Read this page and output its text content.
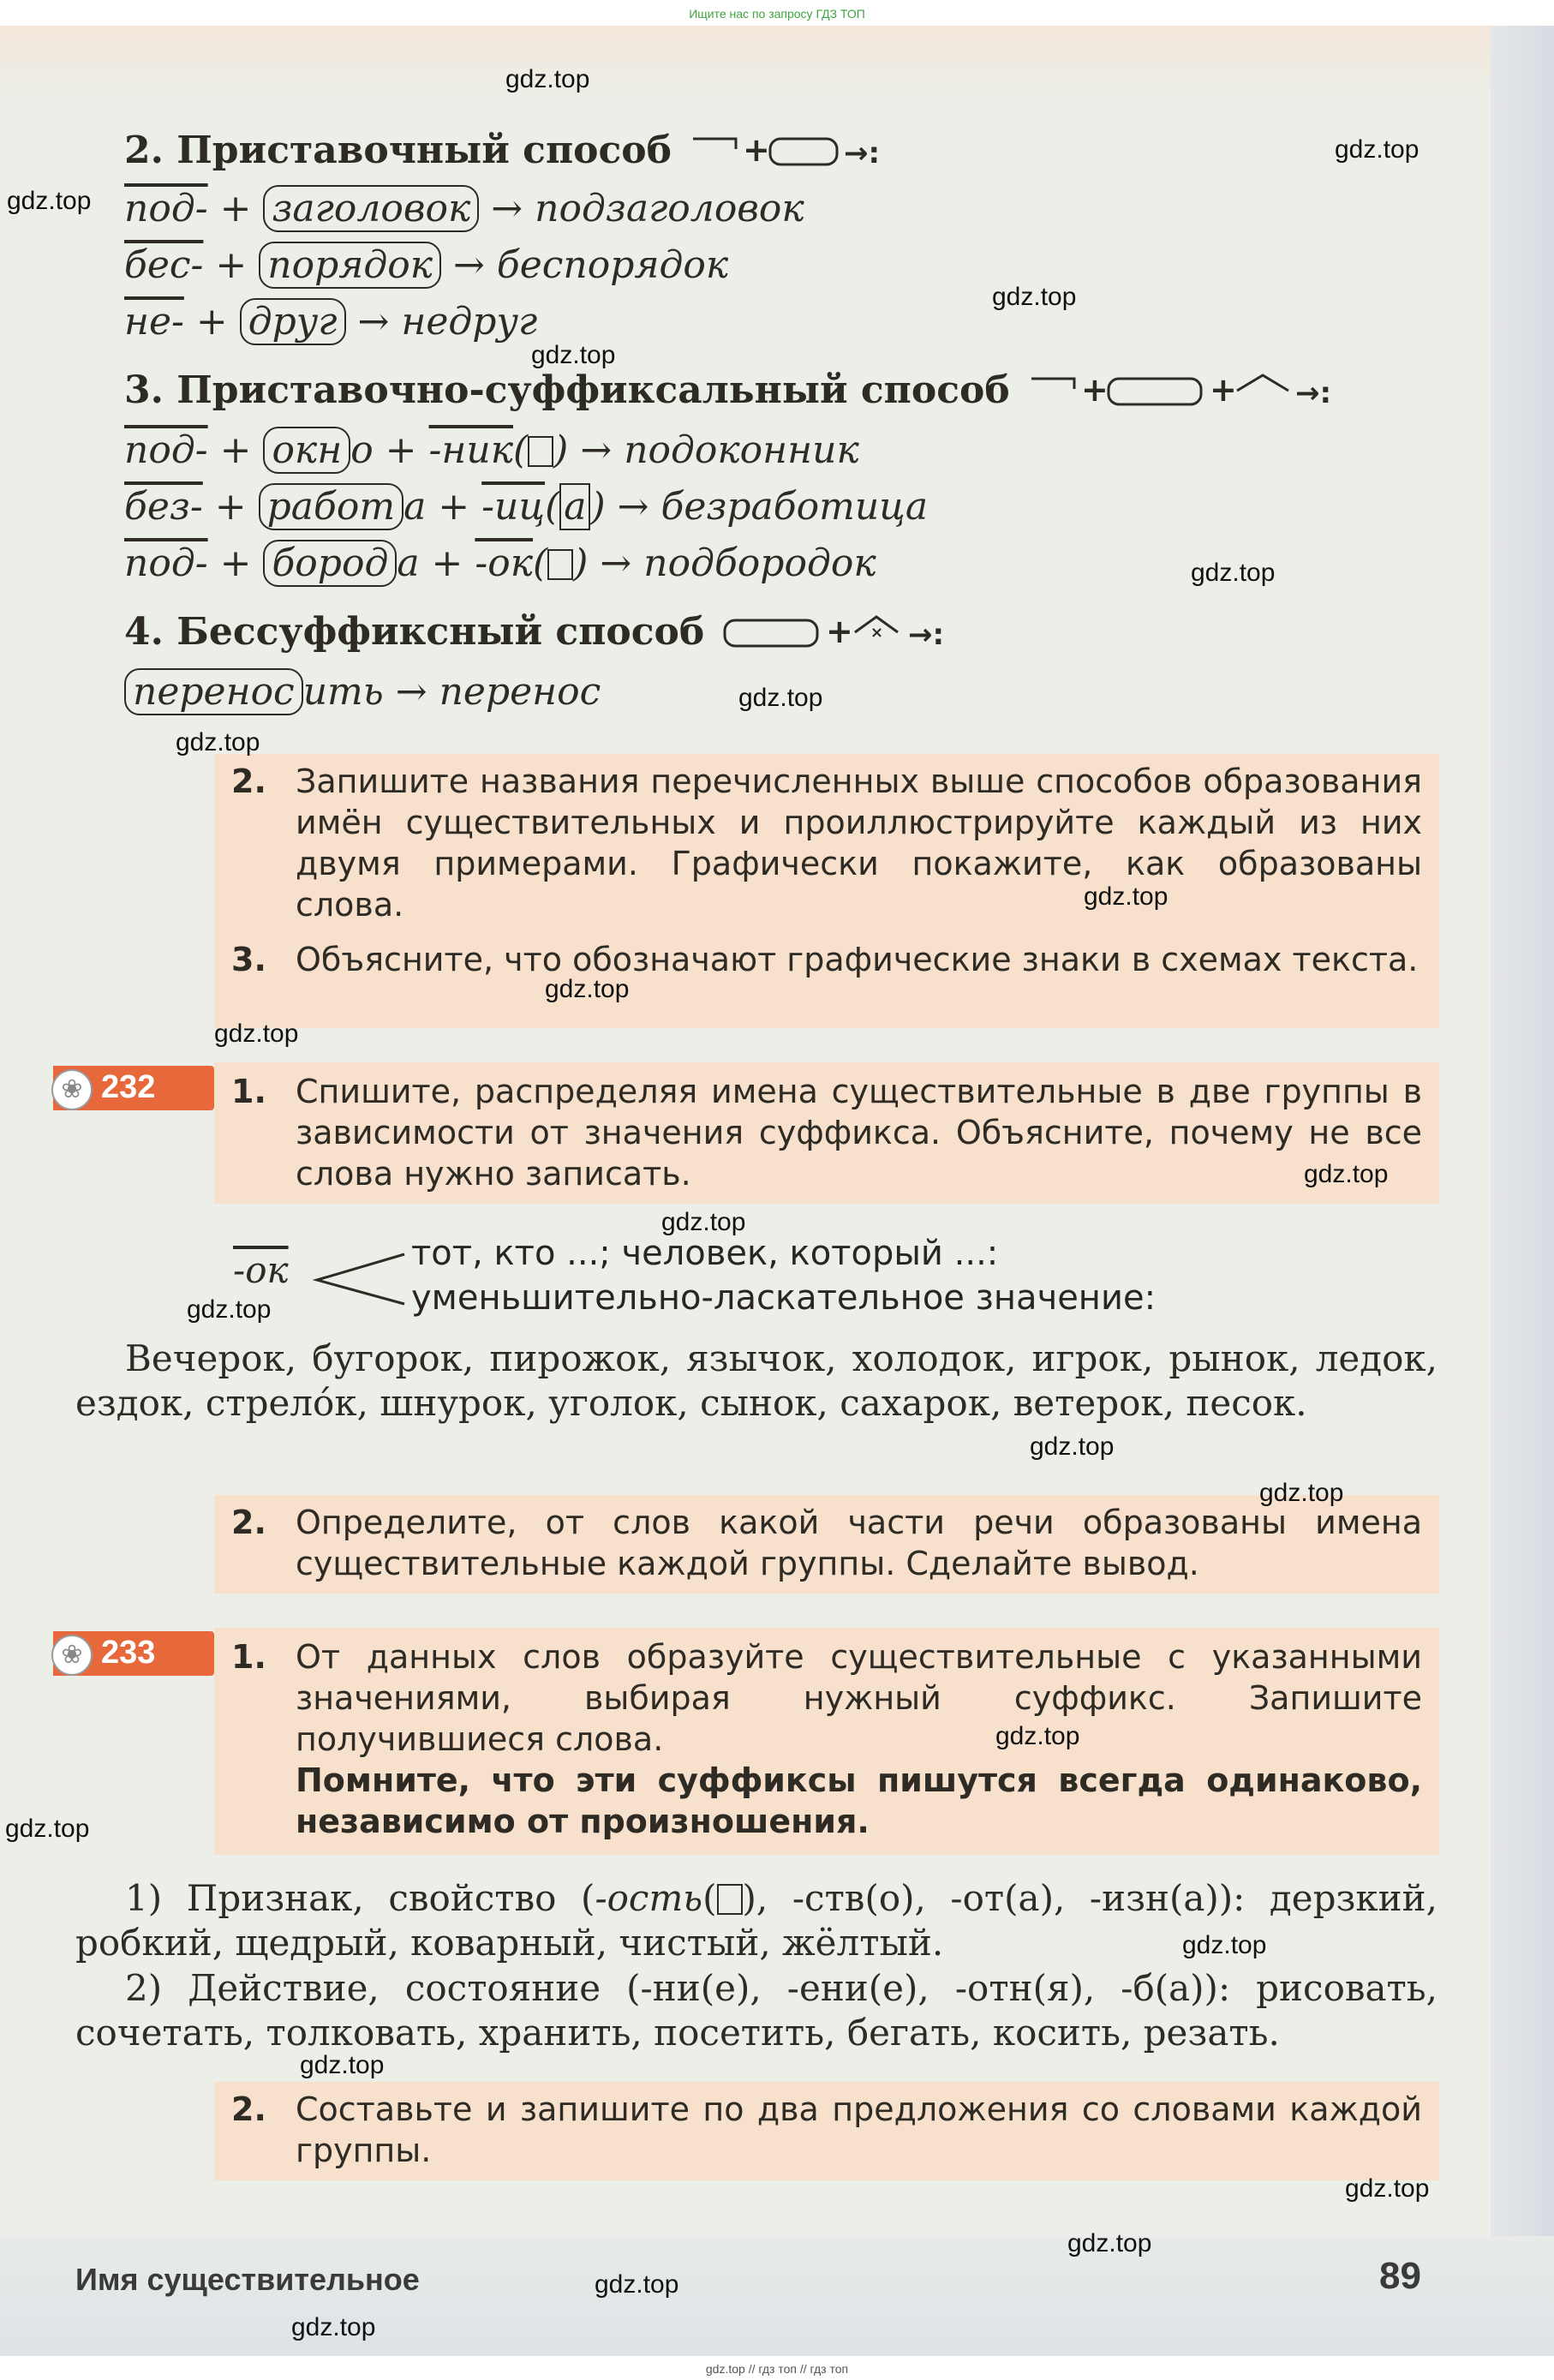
Ищите нас по запросу ГДЗ ТОП
2. Приставочный способ +	→:
под- + заголовок → подзаголовок
бес- + порядок → беспорядок
не- + друг → недруг
3. Приставочно-суффиксальный способ +	+ →:
под- + окн о + -ник( ) → подоконник
без- + работ а + -иц( а ) → безработица
под- + бород а + -ок( ) → подбородок
4. Бессуффиксный способ	+ × →:
перенос ить → перенос
2. Запишите названия перечисленных выше способов образования имён существительных и проиллюстрируйте каждый из них двумя примерами. Графически покажите, как образованы слова.
3. Объясните, что обозначают графические знаки в схемах текста.
❀ 232 1. Спишите, распределяя имена существительные в две группы в зависимости от значения суффикса. Объясните, почему не все слова нужно записать.
-ок	тот, кто ...; человек, который ...:
уменьшительно-ласкательное значение:
Вечерок, бугорок, пирожок, язычок, холодок, игрок, рынок, ледок, ездок, стрело́к, шнурок, уголок, сынок, сахарок, ветерок, песок.
2. Определите, от слов какой части речи образованы имена существительные каждой группы. Сделайте вывод.
❀ 233 1. От данных слов образуйте существительные с указанными значениями, выбирая нужный суффикс. Запишите получившиеся слова.
Помните, что эти суффиксы пишутся всегда одинаково, независимо от произношения.
1) Признак, свойство (-ость( ), -ств(о), -от(а), -изн(а)): дерзкий, робкий, щедрый, коварный, чистый, жёлтый.
2) Действие, состояние (-ни(е), -ени(е), -отн(я), -б(а)): рисовать, сочетать, толковать, хранить, посетить, бегать, косить, резать.
2. Составьте и запишите по два предложения со словами каждой группы.
Имя существительное	89
gdz.top
gdz.top
gdz.top
gdz.top
gdz.top
gdz.top
gdz.top
gdz.top
gdz.top
gdz.top
gdz.top
gdz.top
gdz.top
gdz.top
gdz.top
gdz.top
gdz.top
gdz.top
gdz.top
gdz.top
gdz.top
gdz.top
gdz.top
gdz.top
gdz.top // гдз топ // гдз топ
